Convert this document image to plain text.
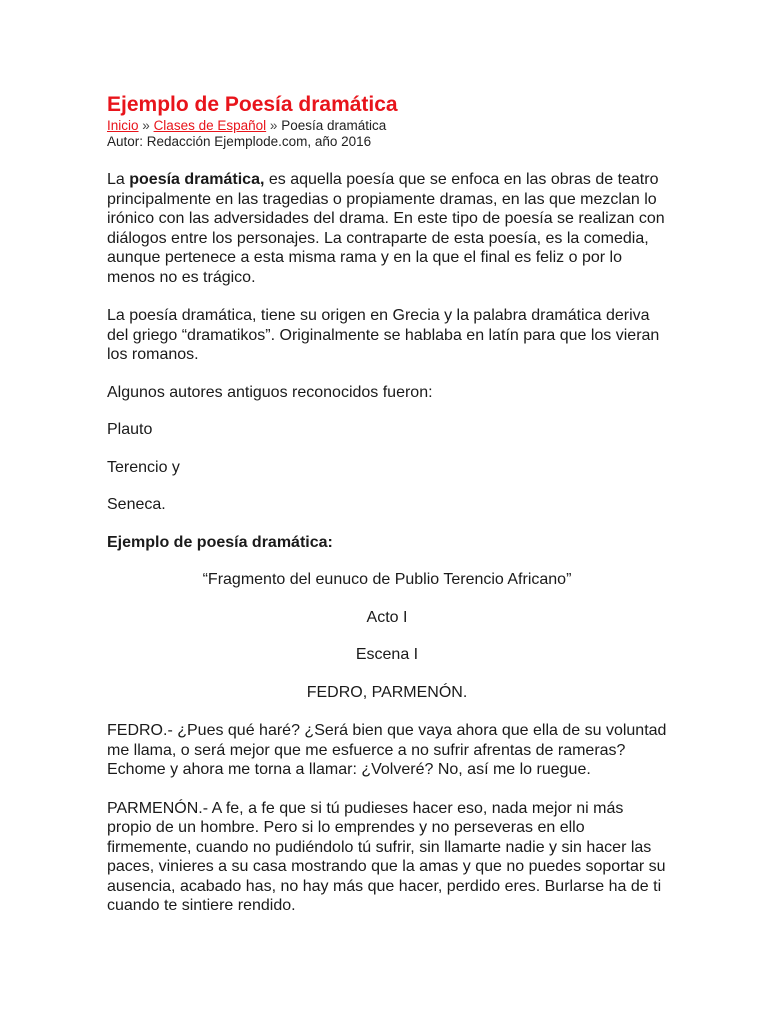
Ejemplo de Poesía dramática
Inicio » Clases de Español » Poesía dramática
Autor: Redacción Ejemplode.com, año 2016

La poesía dramática, es aquella poesía que se enfoca en las obras de teatro principalmente en las tragedias o propiamente dramas, en las que mezclan lo irónico con las adversidades del drama. En este tipo de poesía se realizan con diálogos entre los personajes. La contraparte de esta poesía, es la comedia, aunque pertenece a esta misma rama y en la que el final es feliz o por lo menos no es trágico.

La poesía dramática, tiene su origen en Grecia y la palabra dramática deriva del griego “dramatikos”. Originalmente se hablaba en latín para que los vieran los romanos.

Algunos autores antiguos reconocidos fueron:

Plauto

Terencio y

Seneca.

Ejemplo de poesía dramática:

“Fragmento del eunuco de Publio Terencio Africano”

Acto I

Escena I

FEDRO, PARMENÓN.

FEDRO.- ¿Pues qué haré? ¿Será bien que vaya ahora que ella de su voluntad me llama, o será mejor que me esfuerce a no sufrir afrentas de rameras? Echome y ahora me torna a llamar: ¿Volveré? No, así me lo ruegue.

PARMENÓN.- A fe, a fe que si tú pudieses hacer eso, nada mejor ni más propio de un hombre. Pero si lo emprendes y no perseveras en ello firmemente, cuando no pudiéndolo tú sufrir, sin llamarte nadie y sin hacer las paces, vinieres a su casa mostrando que la amas y que no puedes soportar su ausencia, acabado has, no hay más que hacer, perdido eres. Burlarse ha de ti cuando te sintiere rendido.
